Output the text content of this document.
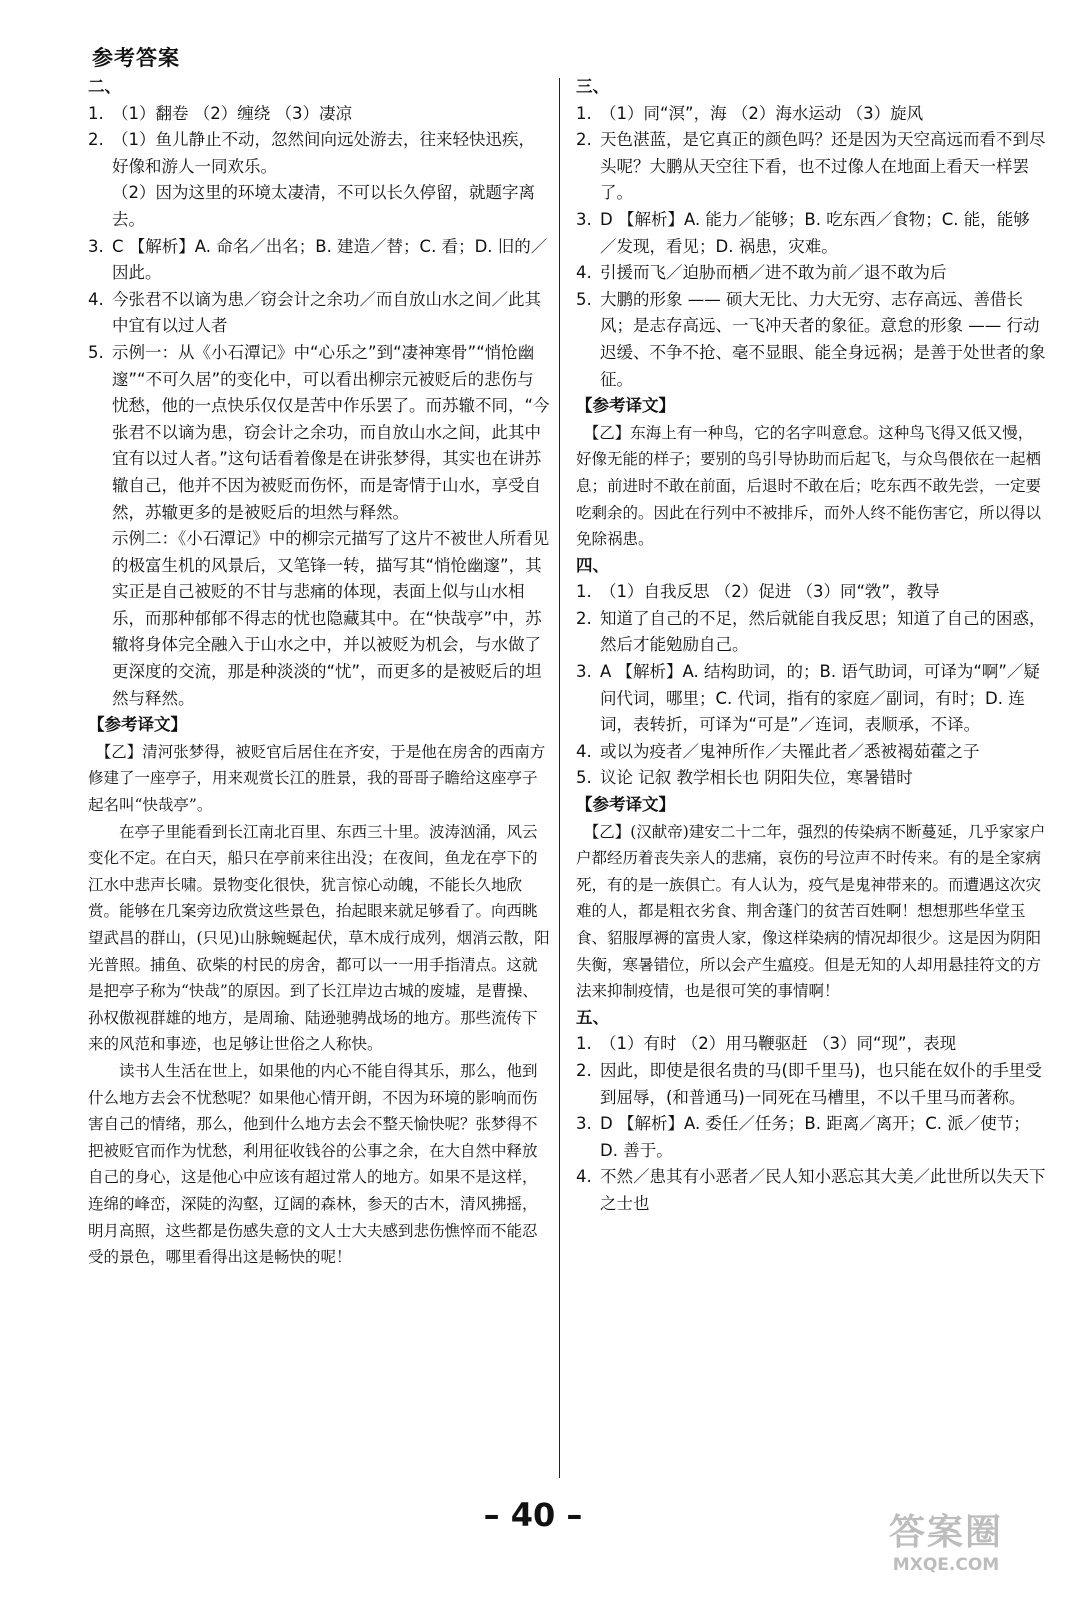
参考答案
二、
1. （1）翻卷 （2）缠绕 （3）凄凉
2. （1）鱼儿静止不动，忽然间向远处游去，往来轻快迅疾，好像和游人一同欢乐。
（2）因为这里的环境太凄清，不可以长久停留，就题字离去。
3. C 【解析】A. 命名／出名；B. 建造／替；C. 看；D. 旧的／因此。
4. 今张君不以谪为患／窃会计之余功／而自放山水之间／此其中宜有以过人者
5. 示例一：从《小石潭记》中“心乐之”到“凄神寒骨”“悄怆幽邃”“不可久居”的变化中，可以看出柳宗元被贬后的悲伤与忧愁，他的一点快乐仅仅是苦中作乐罢了。而苏辙不同，“今张君不以谪为患，窃会计之余功，而自放山水之间，此其中宜有以过人者。”这句话看着像是在讲张梦得，其实也在讲苏辙自己，他并不因为被贬而伤怀，而是寄情于山水，享受自然，苏辙更多的是被贬后的坦然与释然。
示例二：《小石潭记》中的柳宗元描写了这片不被世人所看见的极富生机的风景后，又笔锋一转，描写其“悄怆幽邃”，其实正是自己被贬的不甘与悲痛的体现，表面上似与山水相乐，而那种郁郁不得志的忧也隐藏其中。在“快哉亭”中，苏辙将身体完全融入于山水之中，并以被贬为机会，与水做了更深度的交流，那是种淡淡的“忧”，而更多的是被贬后的坦然与释然。
【参考译文】
【乙】清河张梦得，被贬官后居住在齐安，于是他在房舍的西南方修建了一座亭子，用来观赏长江的胜景，我的哥哥子瞻给这座亭子起名叫“快哉亭”。
在亭子里能看到长江南北百里、东西三十里。波涛汹涌，风云变化不定。在白天，船只在亭前来往出没；在夜间，鱼龙在亭下的江水中悲声长啸。景物变化很快，犹言惊心动魄，不能长久地欣赏。能够在几案旁边欣赏这些景色，抬起眼来就足够看了。向西眺望武昌的群山，(只见)山脉蜿蜒起伏，草木成行成列，烟消云散，阳光普照。捕鱼、砍柴的村民的房舍，都可以一一用手指清点。这就是把亭子称为“快哉”的原因。到了长江岸边古城的废墟，是曹操、孙权傲视群雄的地方，是周瑜、陆逊驰骋战场的地方。那些流传下来的风范和事迹，也足够让世俗之人称快。
读书人生活在世上，如果他的内心不能自得其乐，那么，他到什么地方去会不忧愁呢？如果他心情开朗，不因为环境的影响而伤害自己的情绪，那么，他到什么地方去会不整天愉快呢？张梦得不把被贬官而作为忧愁，利用征收钱谷的公事之余，在大自然中释放自己的身心，这是他心中应该有超过常人的地方。如果不是这样，连绵的峰峦，深陡的沟壑，辽阔的森林，参天的古木，清风拂摇，明月高照，这些都是伤感失意的文人士大夫感到悲伤憔悴而不能忍受的景色，哪里看得出这是畅快的呢！
三、
1. （1）同“溟”，海 （2）海水运动 （3）旋风
2. 天色湛蓝，是它真正的颜色吗？还是因为天空高远而看不到尽头呢？大鹏从天空往下看，也不过像人在地面上看天一样罢了。
3. D 【解析】A. 能力／能够；B. 吃东西／食物；C. 能，能够／发现，看见；D. 祸患，灾难。
4. 引援而飞／迫胁而栖／进不敢为前／退不敢为后
5. 大鹏的形象 —— 硕大无比、力大无穷、志存高远、善借长风；是志存高远、一飞冲天者的象征。意怠的形象 —— 行动迟缓、不争不抢、毫不显眼、能全身远祸；是善于处世者的象征。
【参考译文】
【乙】东海上有一种鸟，它的名字叫意怠。这种鸟飞得又低又慢，好像无能的样子；要别的鸟引导协助而后起飞，与众鸟偎依在一起栖息；前进时不敢在前面，后退时不敢在后；吃东西不敢先尝，一定要吃剩余的。因此在行列中不被排斥，而外人终不能伤害它，所以得以免除祸患。
四、
1. （1）自我反思 （2）促进 （3）同“敩”，教导
2. 知道了自己的不足，然后就能自我反思；知道了自己的困惑，然后才能勉励自己。
3. A 【解析】A. 结构助词，的；B. 语气助词，可译为“啊”／疑问代词，哪里；C. 代词，指有的家庭／副词，有时；D. 连词，表转折，可译为“可是”／连词，表顺承，不译。
4. 或以为疫者／鬼神所作／夫罹此者／悉被褐茹藿之子
5. 议论 记叙 教学相长也 阴阳失位，寒暑错时
【参考译文】
【乙】(汉献帝)建安二十二年，强烈的传染病不断蔓延，几乎家家户户都经历着丧失亲人的悲痛，哀伤的号泣声不时传来。有的是全家病死，有的是一族俱亡。有人认为，疫气是鬼神带来的。而遭遇这次灾难的人，都是粗衣劣食、荆舍蓬门的贫苦百姓啊！想想那些华堂玉食、貂服厚褥的富贵人家，像这样染病的情况却很少。这是因为阴阳失衡，寒暑错位，所以会产生瘟疫。但是无知的人却用悬挂符文的方法来抑制疫情，也是很可笑的事情啊！
五、
1. （1）有时 （2）用马鞭驱赶 （3）同“现”，表现
2. 因此，即使是很名贵的马(即千里马)，也只能在奴仆的手里受到屈辱，(和普通马)一同死在马槽里，不以千里马而著称。
3. D 【解析】A. 委任／任务；B. 距离／离开；C. 派／使节；D. 善于。
4. 不然／患其有小恶者／民人知小恶忘其大美／此世所以失天下之士也
– 40 –	答案圈
MXQE.COM
